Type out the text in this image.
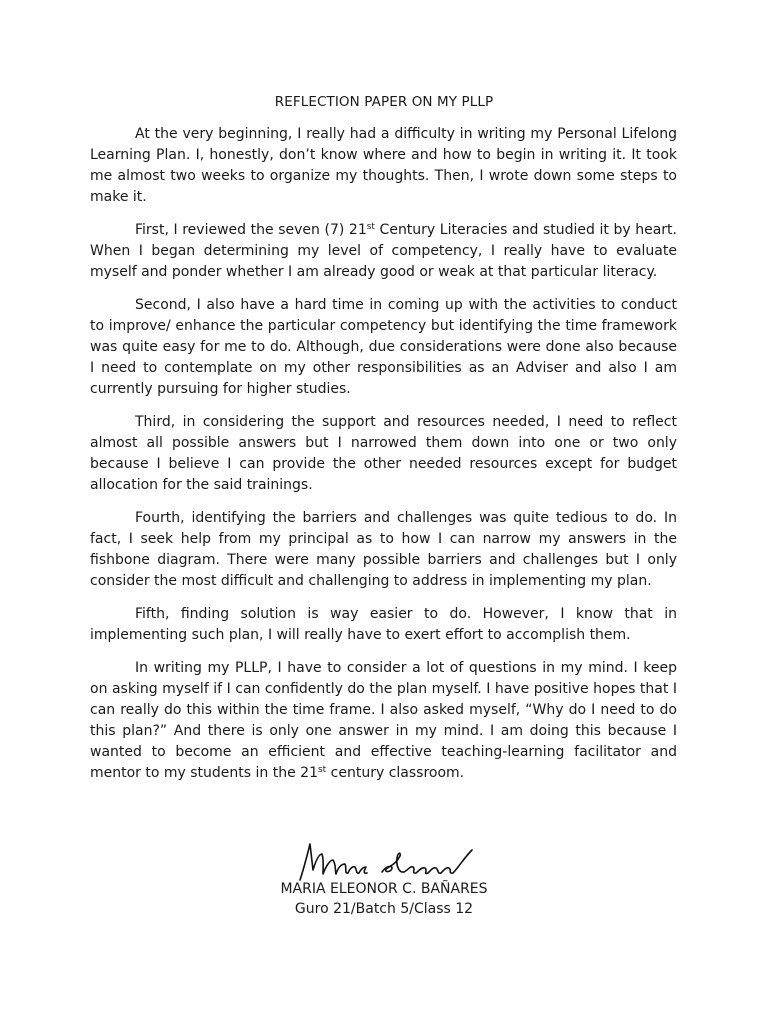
REFLECTION PAPER ON MY PLLP

At the very beginning, I really had a difficulty in writing my Personal Lifelong Learning Plan. I, honestly, don’t know where and how to begin in writing it. It took me almost two weeks to organize my thoughts. Then, I wrote down some steps to make it.

First, I reviewed the seven (7) 21st Century Literacies and studied it by heart. When I began determining my level of competency, I really have to evaluate myself and ponder whether I am already good or weak at that particular literacy.

Second, I also have a hard time in coming up with the activities to conduct to improve/ enhance the particular competency but identifying the time framework was quite easy for me to do. Although, due considerations were done also because I need to contemplate on my other responsibilities as an Adviser and also I am currently pursuing for higher studies.

Third, in considering the support and resources needed, I need to reflect almost all possible answers but I narrowed them down into one or two only because I believe I can provide the other needed resources except for budget allocation for the said trainings.

Fourth, identifying the barriers and challenges was quite tedious to do. In fact, I seek help from my principal as to how I can narrow my answers in the fishbone diagram. There were many possible barriers and challenges but I only consider the most difficult and challenging to address in implementing my plan.

Fifth, finding solution is way easier to do. However, I know that in implementing such plan, I will really have to exert effort to accomplish them.

In writing my PLLP, I have to consider a lot of questions in my mind. I keep on asking myself if I can confidently do the plan myself. I have positive hopes that I can really do this within the time frame. I also asked myself, “Why do I need to do this plan?” And there is only one answer in my mind. I am doing this because I wanted to become an efficient and effective teaching-learning facilitator and mentor to my students in the 21st century classroom.

MARIA ELEONOR C. BAÑARES
Guro 21/Batch 5/Class 12
